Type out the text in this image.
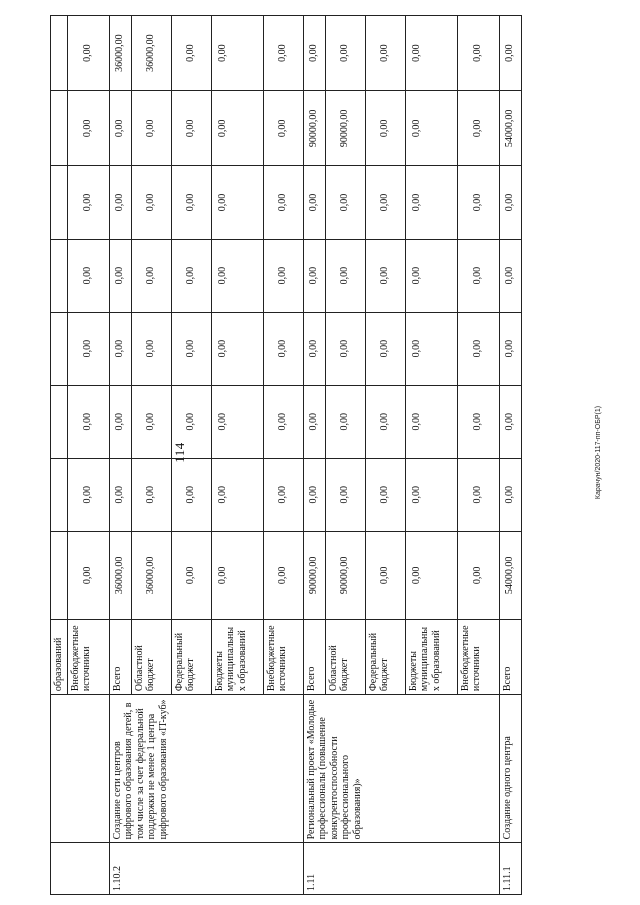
114
		образований								
		Внебюджетные источники	0,00	0,00	0,00	0,00	0,00	0,00	0,00	0,00
1.10.2	Создание сети центров цифрового образования детей, в том числе за счет федеральной поддержки не менее 1 центра цифрового образования «IT-куб»	Всего	36000,00	0,00	0,00	0,00	0,00	0,00	0,00	36000,00
		Областной бюджет	36000,00	0,00	0,00	0,00	0,00	0,00	0,00	36000,00
		Федеральный бюджет	0,00	0,00	0,00	0,00	0,00	0,00	0,00	0,00
		Бюджеты муниципальных образований	0,00	0,00	0,00	0,00	0,00	0,00	0,00	0,00
		Внебюджетные источники	0,00	0,00	0,00	0,00	0,00	0,00	0,00	0,00
1.11	Региональный проект «Молодые профессионалы (повышение конкурентоспособности профессионального образования)»	Всего	90000,00	0,00	0,00	0,00	0,00	0,00	90000,00	0,00
		Областной бюджет	90000,00	0,00	0,00	0,00	0,00	0,00	90000,00	0,00
		Федеральный бюджет	0,00	0,00	0,00	0,00	0,00	0,00	0,00	0,00
		Бюджеты муниципальных образований	0,00	0,00	0,00	0,00	0,00	0,00	0,00	0,00
		Внебюджетные источники	0,00	0,00	0,00	0,00	0,00	0,00	0,00	0,00
1.11.1	Создание одного центра	Всего	54000,00	0,00	0,00	0,00	0,00	0,00	54000,00	0,00
Карачун/2020-117-пп-ОБР(1)
